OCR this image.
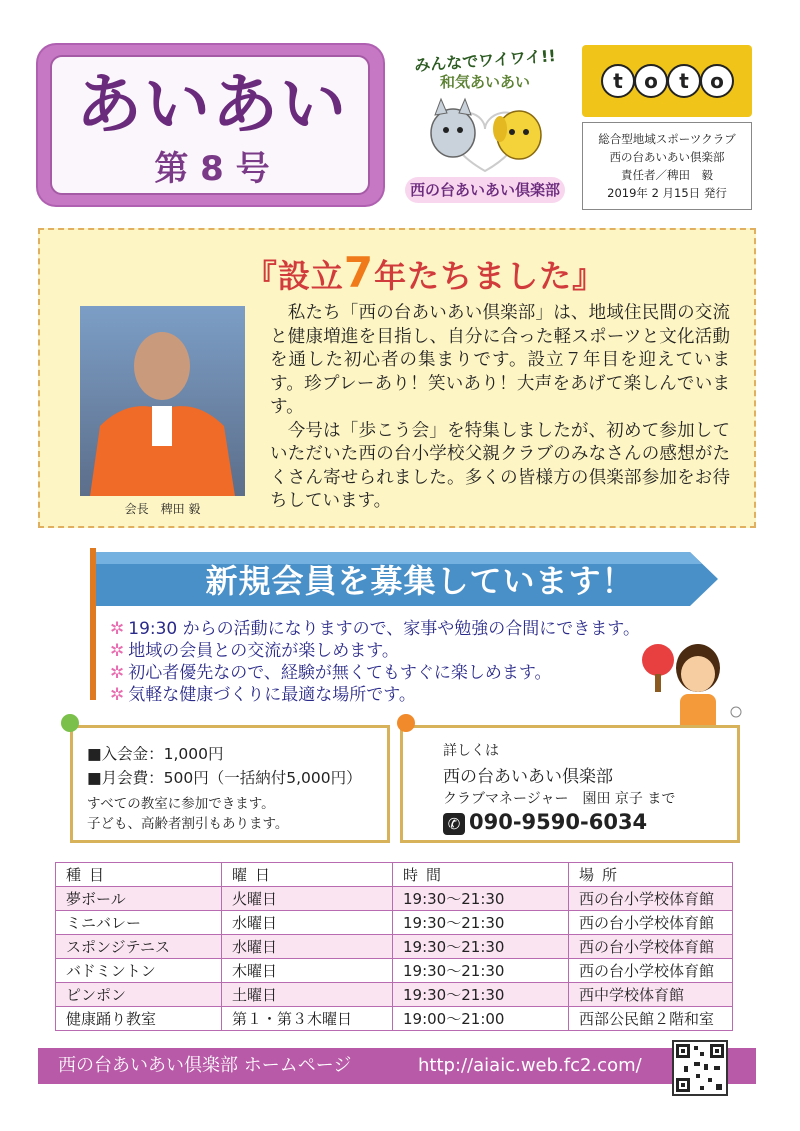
あいあい
第 8 号
みんなでワイワイ!!
和気あいあい
西の台あいあい倶楽部
t o t o
総合型地域スポーツクラブ
西の台あいあい倶楽部
責任者／稗田　毅
2019年 2 月15日 発行
『設立7年たちました』
会長　稗田 毅
　私たち「西の台あいあい倶楽部」は、地域住民間の交流と健康増進を目指し、自分に合った軽スポーツと文化活動を通した初心者の集まりです。設立７年目を迎えています。珍プレーあり！笑いあり！大声をあげて楽しんでいます。
　今号は「歩こう会」を特集しましたが、初めて参加していただいた西の台小学校父親クラブのみなさんの感想がたくさん寄せられました。多くの皆様方の倶楽部参加をお待ちしています。
新規会員を募集しています！
✲ 19:30 からの活動になりますので、家事や勉強の合間にできます。
✲ 地域の会員との交流が楽しめます。
✲ 初心者優先なので、経験が無くてもすぐに楽しめます。
✲ 気軽な健康づくりに最適な場所です。
■入会金：1,000円
■月会費：500円（一括納付5,000円）
すべての教室に参加できます。
子ども、高齢者割引もあります。
詳しくは
西の台あいあい倶楽部
クラブマネージャー　園田 京子 まで
✆ 090-9590-6034
種目	曜日	時間	場所
夢ボール	火曜日	19:30～21:30	西の台小学校体育館
ミニバレー	水曜日	19:30～21:30	西の台小学校体育館
スポンジテニス	水曜日	19:30～21:30	西の台小学校体育館
バドミントン	木曜日	19:30～21:30	西の台小学校体育館
ピンポン	土曜日	19:30～21:30	西中学校体育館
健康踊り教室	第１・第３木曜日	19:00～21:00	西部公民館２階和室
西の台あいあい倶楽部 ホームページ	http://aiaic.web.fc2.com/
